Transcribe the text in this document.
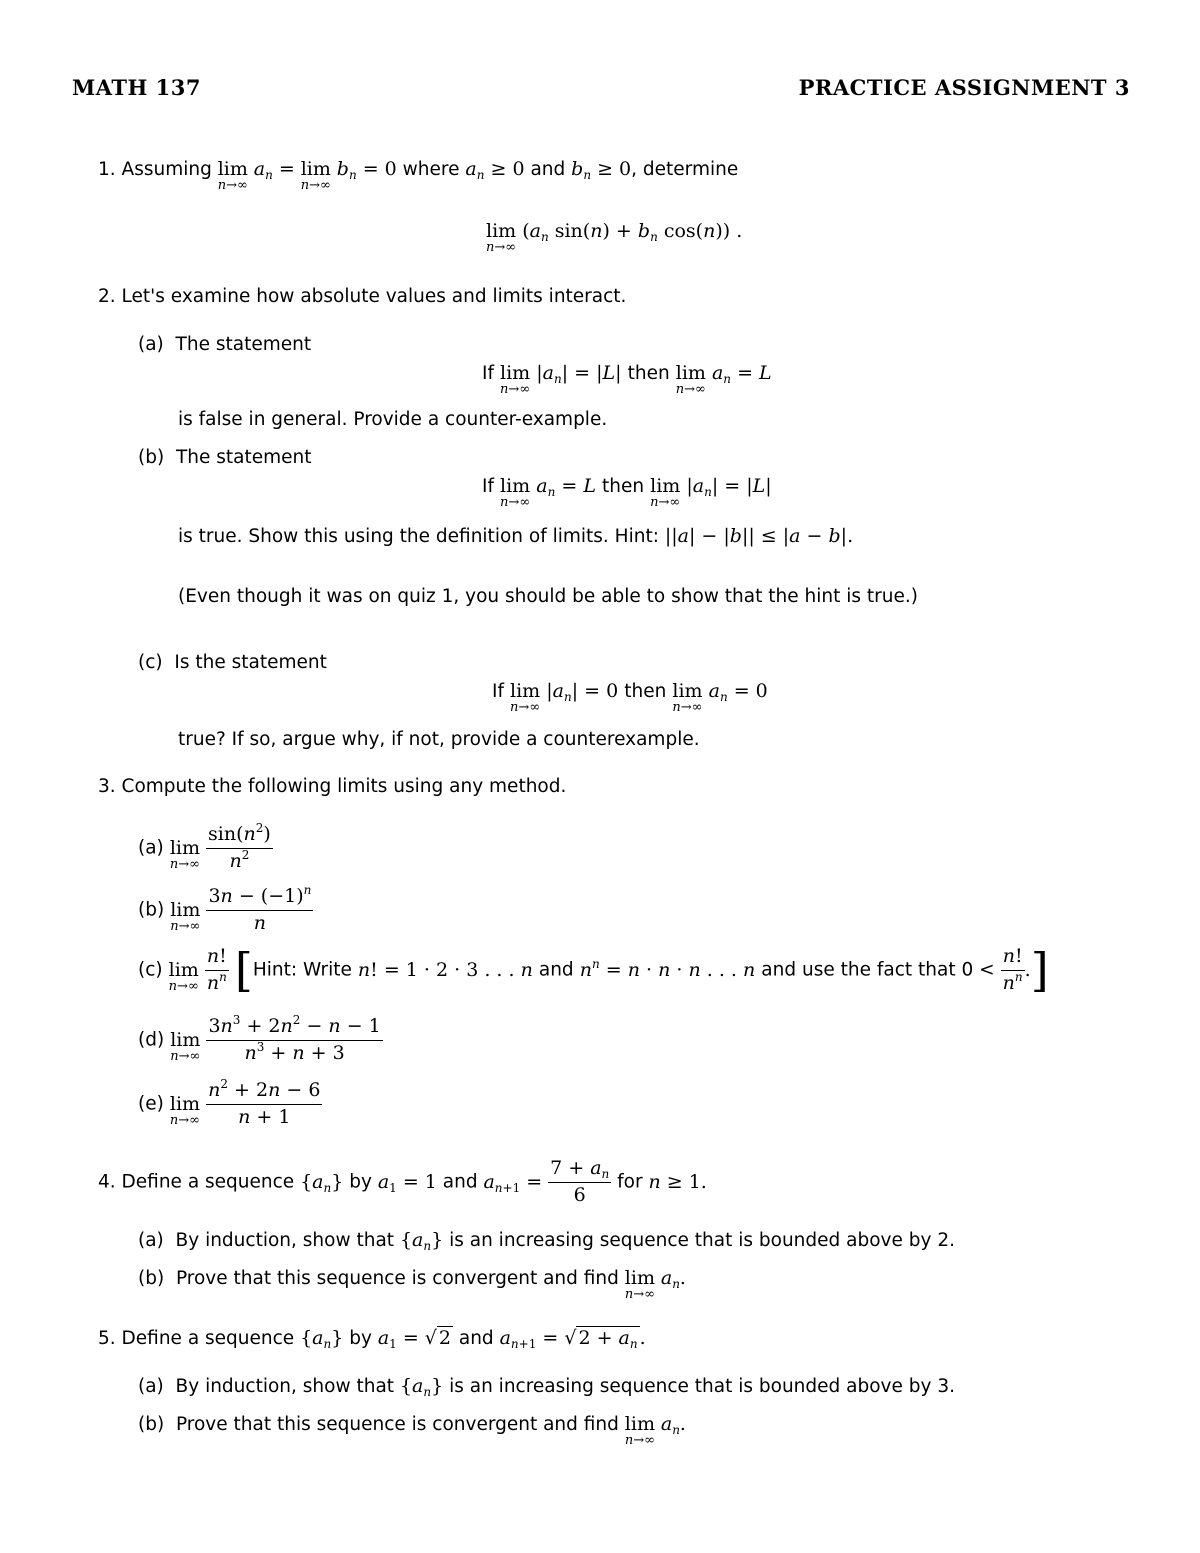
MATH 137	PRACTICE ASSIGNMENT 3
1. Assuming lim
n→∞
$a_n = \lim$
n→∞
$b_n = 0$ where $a_n \ge 0$ and $b_n \ge 0$, determine
lim
n→∞
($a_n$ $\sin(n) + b_n$ cos(n)) .
2. Let's examine how absolute values and limits interact.
(a) The statement
If lim
n→∞
$|a_n| = |L|$ then lim
n→∞
$a_n = L$
is false in general. Provide a counter-example.
(b) The statement
If lim
n→∞
$a_n = L$ then lim
n→∞
$|a_n| = |L|$
is true. Show this using the definition of limits. Hint: ||a| − |b|| ≤ |a − b|.
(Even though it was on quiz 1, you should be able to show that the hint is true.)
(c) Is the statement
If lim
n→∞
$|a_n| = 0$ then lim
n→∞
$a_n = 0$
true? If so, argue why, if not, provide a counterexample.
3. Compute the following limits using any method.
(a) lim
n→∞
$\frac{\sin(n^2)}{n^2}$
(b) lim
n→∞
$\frac{3n - (-1)^n}{n}$
(c) lim
n→∞
$\frac{n!}{n^n}$ [Hint: Write n! = 1 · 2 · 3 . . . n and $n^n = n \cdot n \cdot n$ . . . n and use the fact that $0 < \frac{n!}{n^n}$ .]
(d) lim
n→∞
$\frac{3n^3 + 2n^2 - n - 1}{n^3 + n + 3}$
(e) lim
n→∞
$\frac{n^2 + 2n - 6}{n + 1}$
4. Define a sequence $\{a_n\}$ by $a_1 = 1$ and $a_{n+1} = \frac{7 + a_n}{6}$ for n ≥ 1.
(a) By induction, show that $\{a_n\}$ is an increasing sequence that is bounded above by 2.
(b) Prove that this sequence is convergent and find lim
n→∞
$a_n$.
5. Define a sequence $\{a_n\}$ by $a_1$ = √ 2 and $a_{n+1}$ = √ $2 + a_n$ .
(a) By induction, show that $\{a_n\}$ is an increasing sequence that is bounded above by 3.
(b) Prove that this sequence is convergent and find lim
n→∞
$a_n$.
